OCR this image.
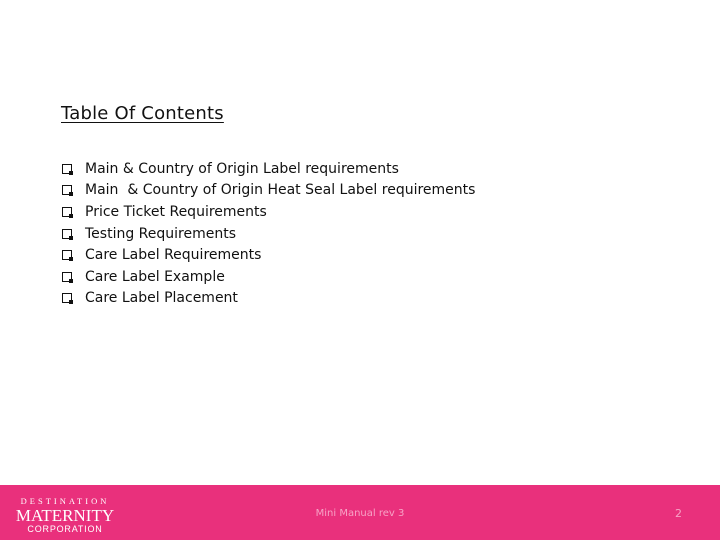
Table Of Contents
Main & Country of Origin Label requirements
Main  & Country of Origin Heat Seal Label requirements
Price Ticket Requirements
Testing Requirements
Care Label Requirements
Care Label Example
Care Label Placement
DESTINATION
MATERNITY
CORPORATION
Mini Manual rev 3	2
